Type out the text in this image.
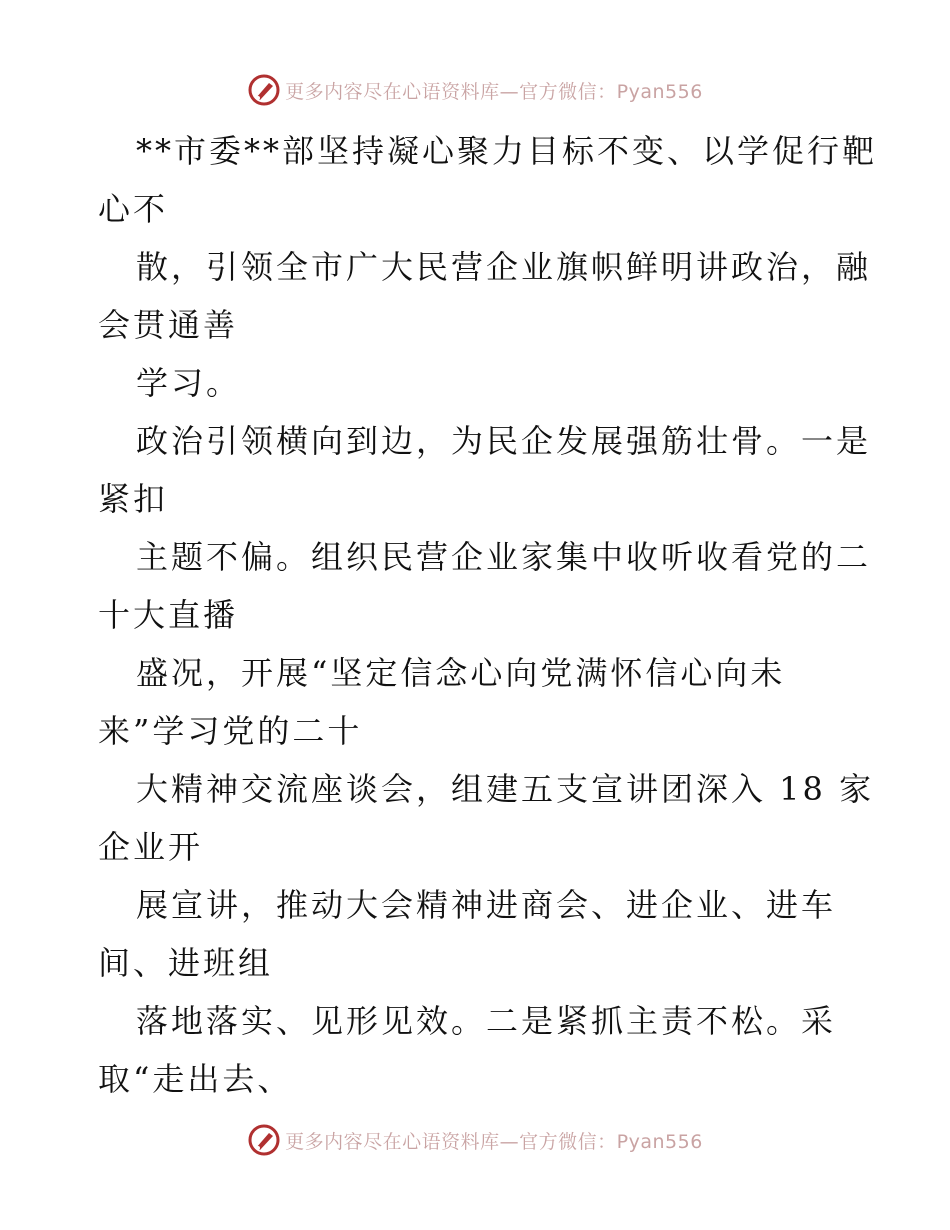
更多内容尽在心语资料库—官方微信：Pyan556
**市委**部坚持凝心聚力目标不变、以学促行靶
心不
散，引领全市广大民营企业旗帜鲜明讲政治，融
会贯通善
学习。
政治引领横向到边，为民企发展强筋壮骨。一是
紧扣
主题不偏。组织民营企业家集中收听收看党的二
十大直播
盛况，开展“坚定信念心向党满怀信心向未
来”学习党的二十
大精神交流座谈会，组建五支宣讲团深入 18 家
企业开
展宣讲，推动大会精神进商会、进企业、进车
间、进班组
落地落实、见形见效。二是紧抓主责不松。采
取“走出去、
更多内容尽在心语资料库—官方微信：Pyan556
